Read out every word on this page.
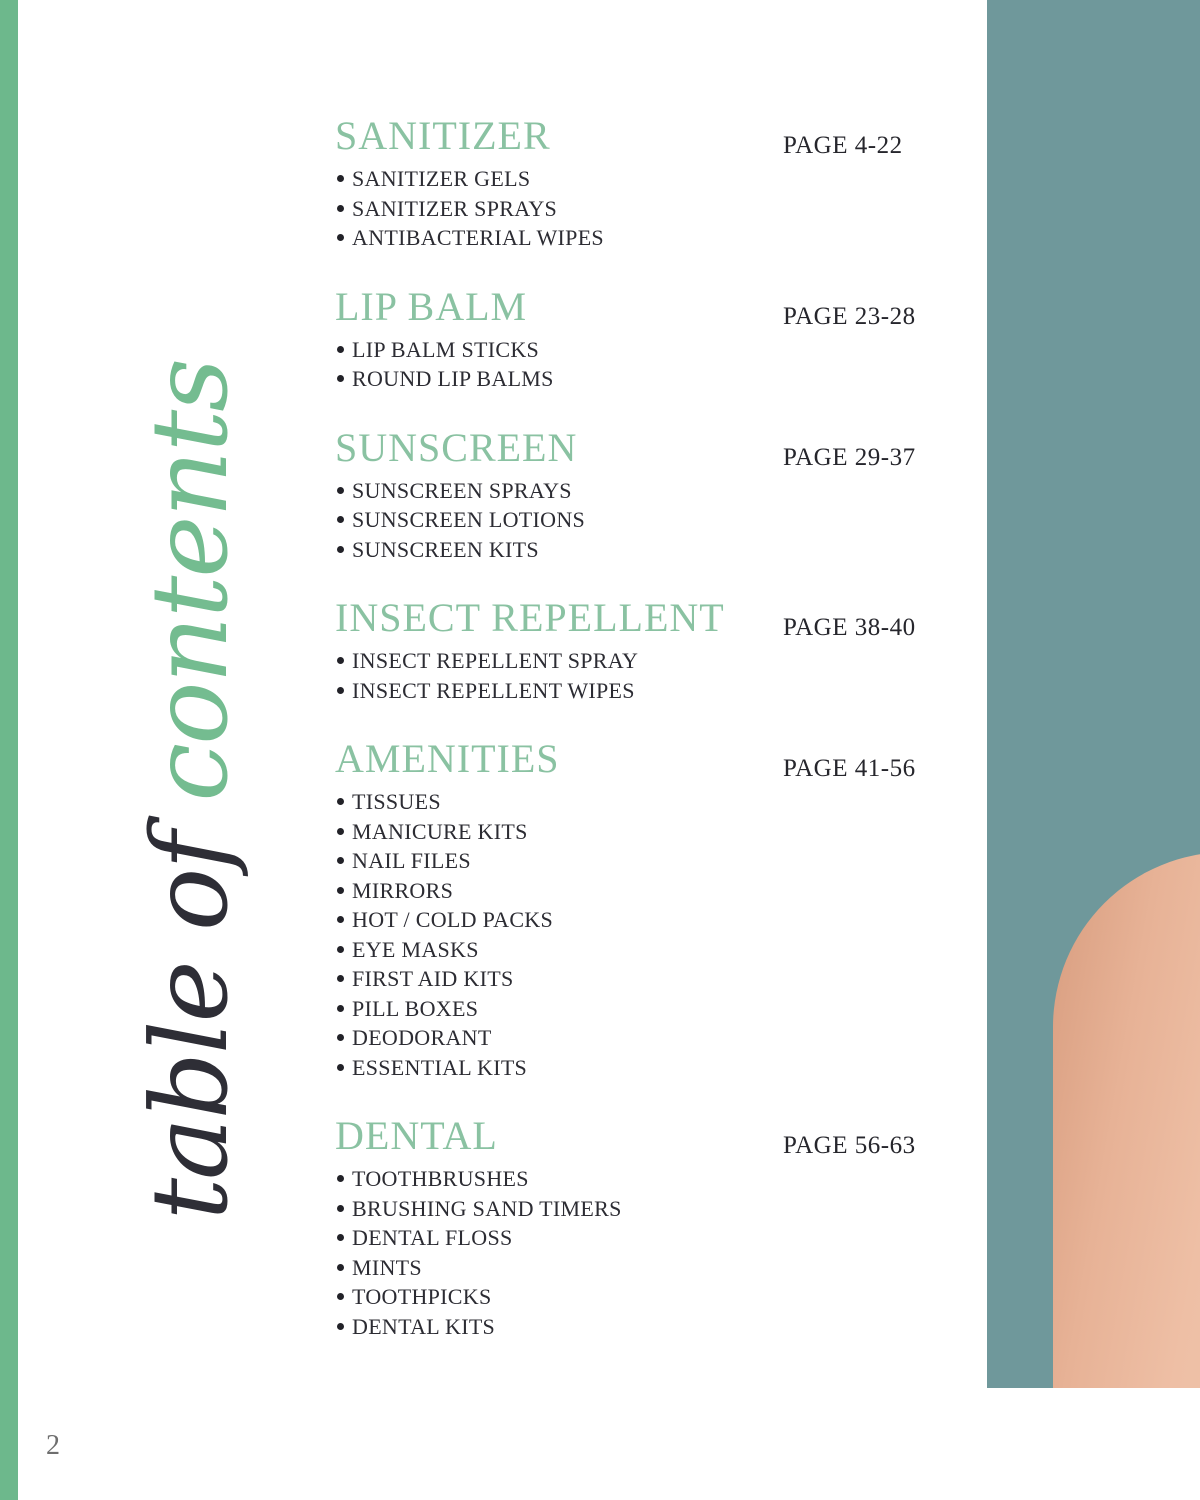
table of contents
SANITIZER	PAGE 4-22
SANITIZER GELS
SANITIZER SPRAYS
ANTIBACTERIAL WIPES
LIP BALM	PAGE 23-28
LIP BALM STICKS
ROUND LIP BALMS
SUNSCREEN	PAGE 29-37
SUNSCREEN SPRAYS
SUNSCREEN LOTIONS
SUNSCREEN KITS
INSECT REPELLENT	PAGE 38-40
INSECT REPELLENT SPRAY
INSECT REPELLENT WIPES
AMENITIES	PAGE 41-56
TISSUES
MANICURE KITS
NAIL FILES
MIRRORS
HOT / COLD PACKS
EYE MASKS
FIRST AID KITS
PILL BOXES
DEODORANT
ESSENTIAL KITS
DENTAL	PAGE 56-63
TOOTHBRUSHES
BRUSHING SAND TIMERS
DENTAL FLOSS
MINTS
TOOTHPICKS
DENTAL KITS
2
